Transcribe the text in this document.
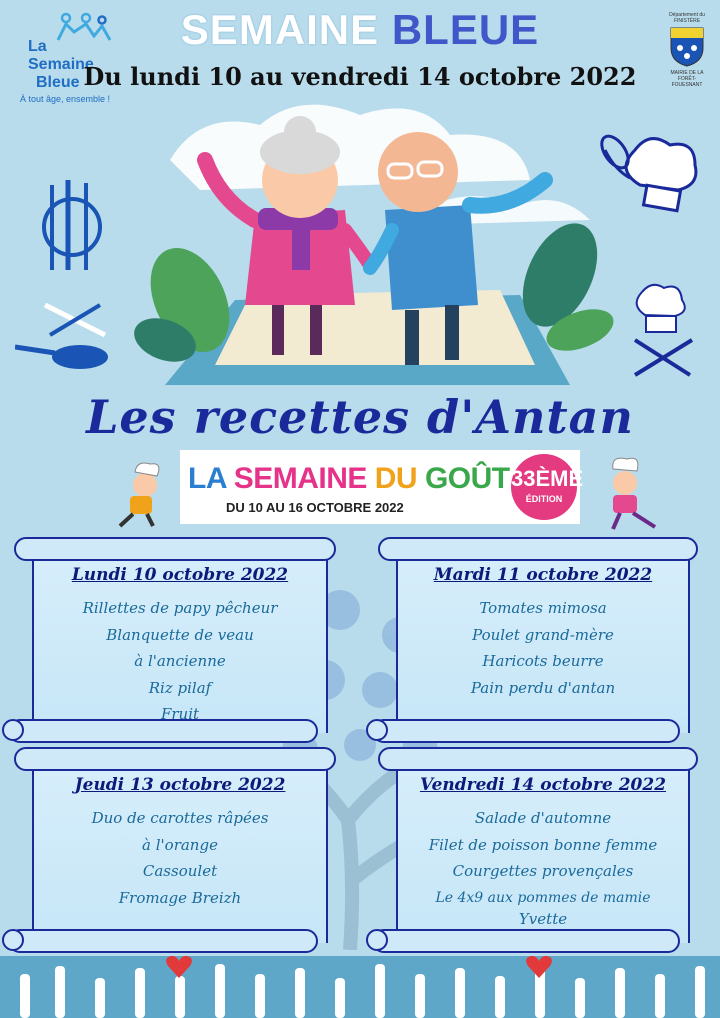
La
Semaine
Bleue
À tout âge, ensemble !
SEMAINE BLEUE
Du lundi 10 au vendredi 14 octobre 2022
Département du FINISTÈRE
MAIRIE DE LA FORÊT-FOUESNANT
Les recettes d'Antan
LA SEMAINE DU GOÛT
DU 10 AU 16 OCTOBRE 2022
33ÈME
ÉDITION
Lundi 10 octobre 2022
Rillettes de papy pêcheur
Blanquette de veau
à l'ancienne
Riz pilaf
Fruit
Mardi 11 octobre 2022
Tomates mimosa
Poulet grand-mère
Haricots beurre
Pain perdu d'antan
Jeudi 13 octobre 2022
Duo de carottes râpées
à l'orange
Cassoulet
Fromage Breizh
Vendredi 14 octobre 2022
Salade d'automne
Filet de poisson bonne femme
Courgettes provençales
Le 4x9 aux pommes de mamie
Yvette
